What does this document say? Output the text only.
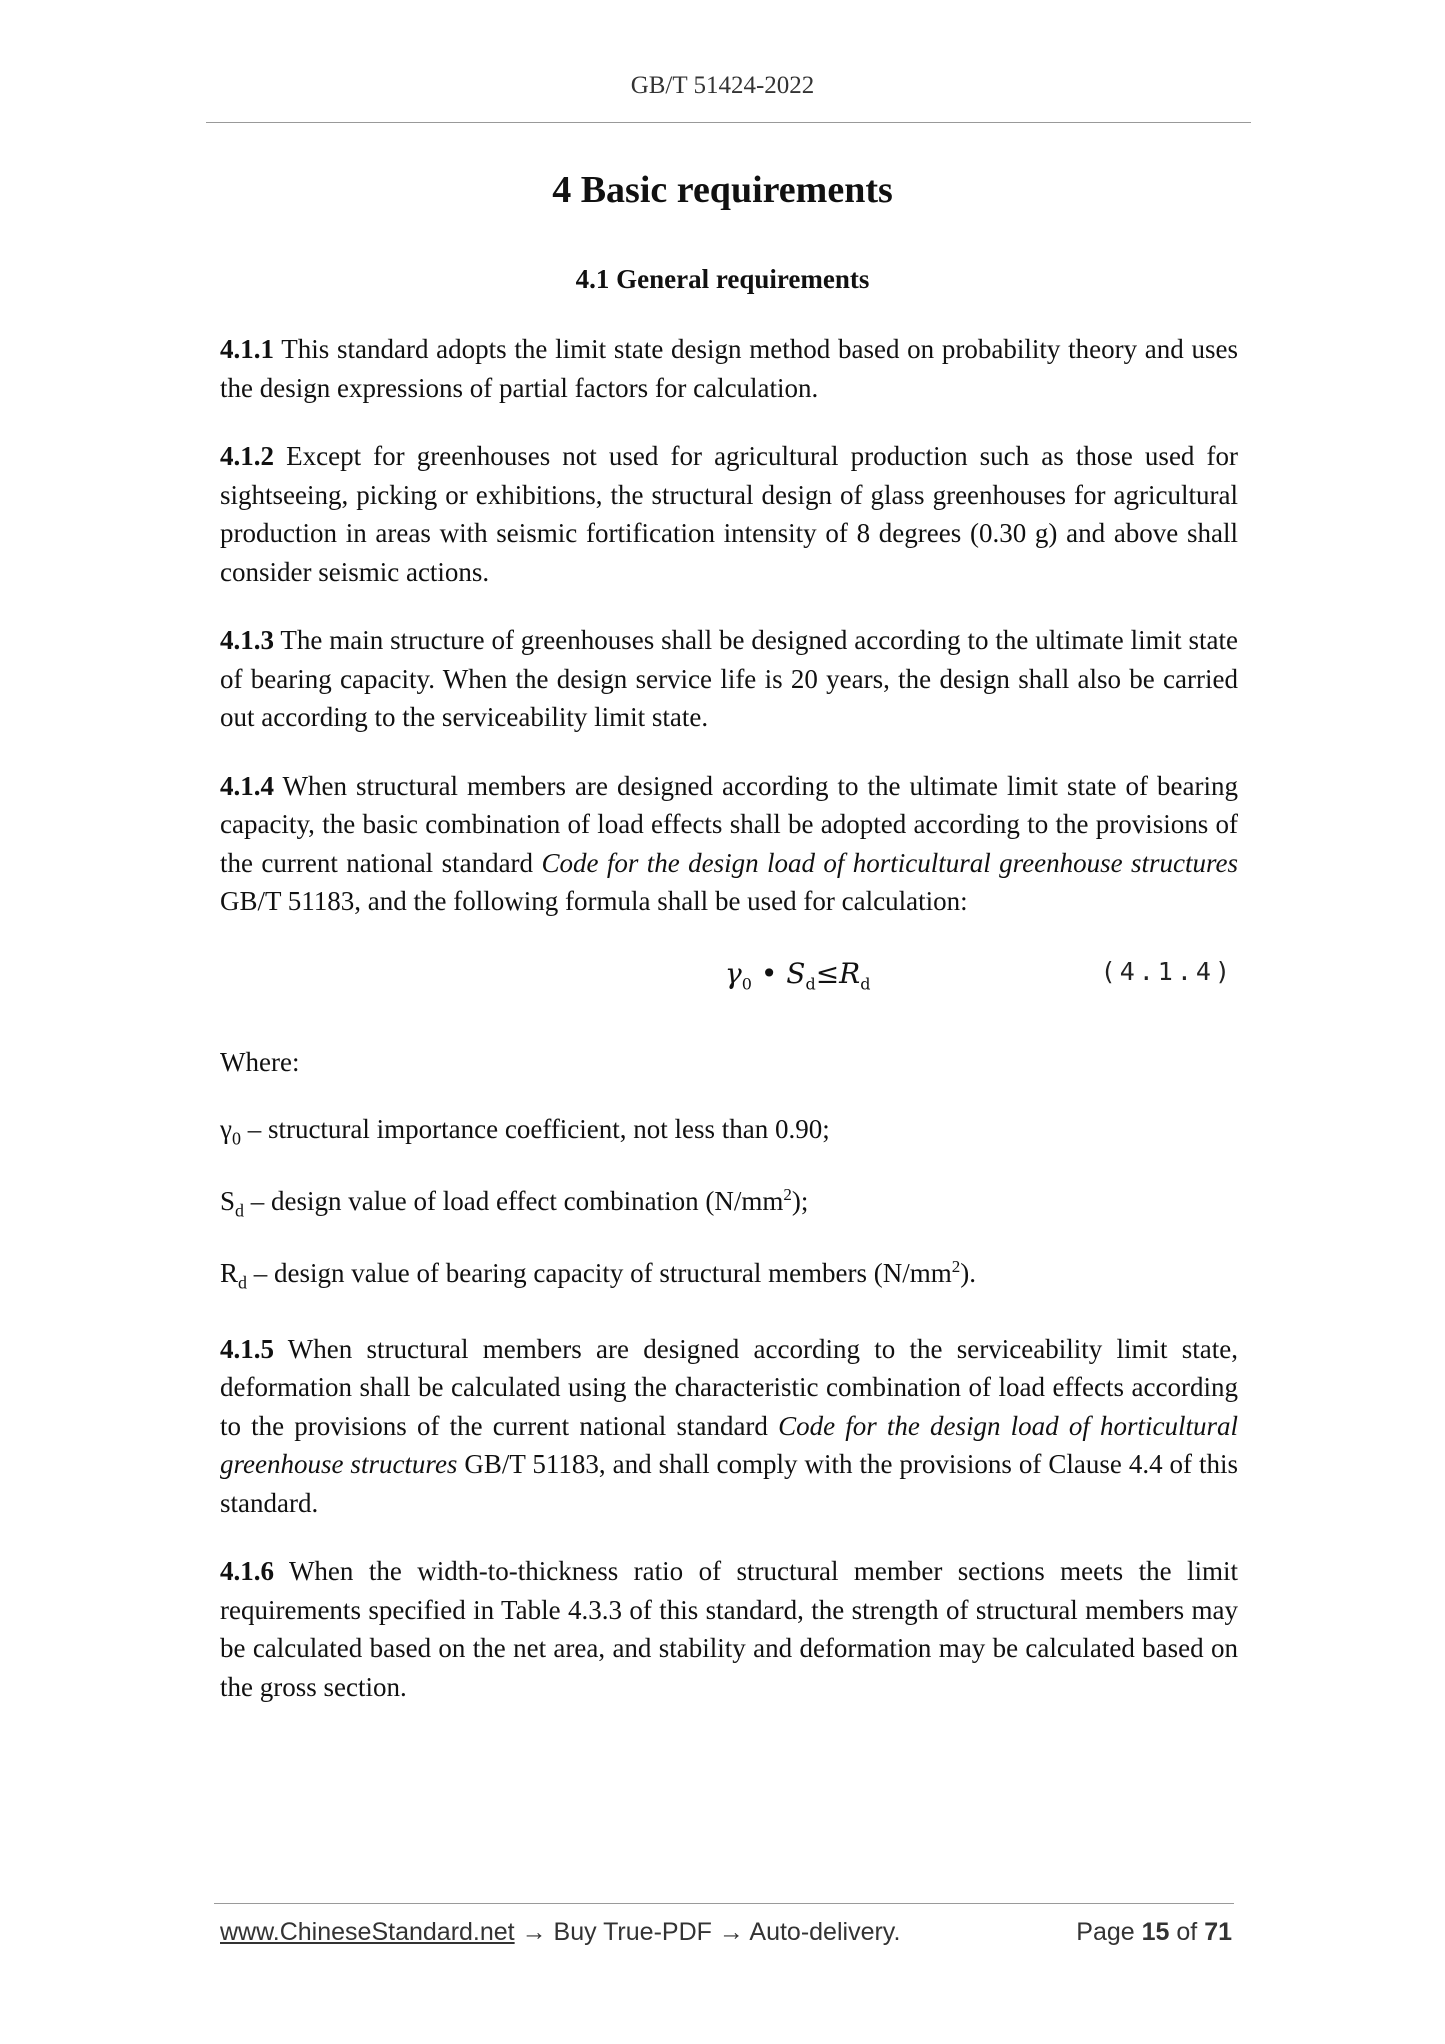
GB/T 51424-2022
4 Basic requirements
4.1 General requirements

4.1.1 This standard adopts the limit state design method based on probability theory and uses the design expressions of partial factors for calculation.

4.1.2 Except for greenhouses not used for agricultural production such as those used for sightseeing, picking or exhibitions, the structural design of glass greenhouses for agricultural production in areas with seismic fortification intensity of 8 degrees (0.30 g) and above shall consider seismic actions.

4.1.3 The main structure of greenhouses shall be designed according to the ultimate limit state of bearing capacity. When the design service life is 20 years, the design shall also be carried out according to the serviceability limit state.

4.1.4 When structural members are designed according to the ultimate limit state of bearing capacity, the basic combination of load effects shall be adopted according to the provisions of the current national standard Code for the design load of horticultural greenhouse structures GB/T 51183, and the following formula shall be used for calculation:

$\gamma_0$ • $S_d\le R_d$	(4.1.4)
Where:
$\gamma_0$ – structural importance coefficient, not less than 0.90;
$S_d$ – design value of load effect combination $(N/mm^2)$;
$R_d$ – design value of bearing capacity of structural members $(N/mm^2)$.

4.1.5 When structural members are designed according to the serviceability limit state, deformation shall be calculated using the characteristic combination of load effects according to the provisions of the current national standard Code for the design load of horticultural greenhouse structures GB/T 51183, and shall comply with the provisions of Clause 4.4 of this standard.

4.1.6 When the width-to-thickness ratio of structural member sections meets the limit requirements specified in Table 4.3.3 of this standard, the strength of structural members may be calculated based on the net area, and stability and deformation may be calculated based on the gross section.

www.ChineseStandard.net → Buy True-PDF → Auto-delivery.	Page 15 of 71
